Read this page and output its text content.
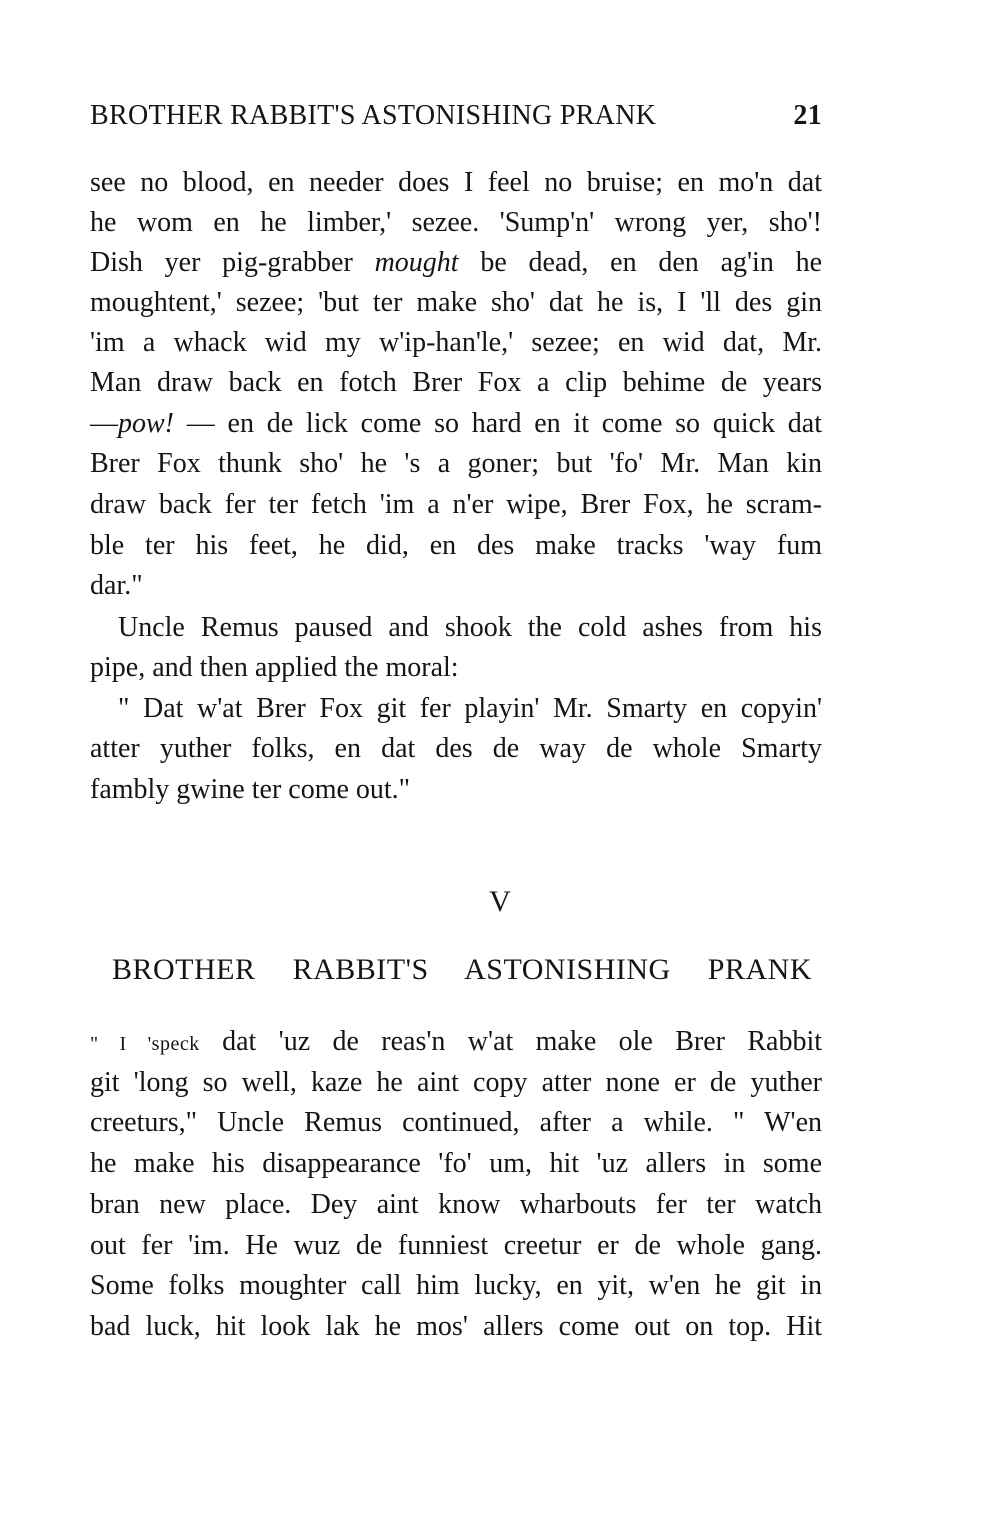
BROTHER RABBIT'S ASTONISHING PRANK	21
see no blood, en needer does I feel no bruise; en mo'n dat
he wom en he limber,' sezee. 'Sump'n' wrong yer, sho'!
Dish yer pig-grabber mought be dead, en den ag'in he
moughtent,' sezee; 'but ter make sho' dat he is, I 'll des gin
'im a whack wid my w'ip-han'le,' sezee; en wid dat, Mr.
Man draw back en fotch Brer Fox a clip behime de years
—pow! — en de lick come so hard en it come so quick dat
Brer Fox thunk sho' he 's a goner; but 'fo' Mr. Man kin
draw back fer ter fetch 'im a n'er wipe, Brer Fox, he scram-
ble ter his feet, he did, en des make tracks 'way fum
dar."
Uncle Remus paused and shook the cold ashes from his
pipe, and then applied the moral:
" Dat w'at Brer Fox git fer playin' Mr. Smarty en copyin'
atter yuther folks, en dat des de way de whole Smarty
fambly gwine ter come out."
V
BROTHER RABBIT'S ASTONISHING PRANK
" I 'speck dat 'uz de reas'n w'at make ole Brer Rabbit
git 'long so well, kaze he aint copy atter none er de yuther
creeturs," Uncle Remus continued, after a while. " W'en
he make his disappearance 'fo' um, hit 'uz allers in some
bran new place. Dey aint know wharbouts fer ter watch
out fer 'im. He wuz de funniest creetur er de whole gang.
Some folks moughter call him lucky, en yit, w'en he git in
bad luck, hit look lak he mos' allers come out on top. Hit
